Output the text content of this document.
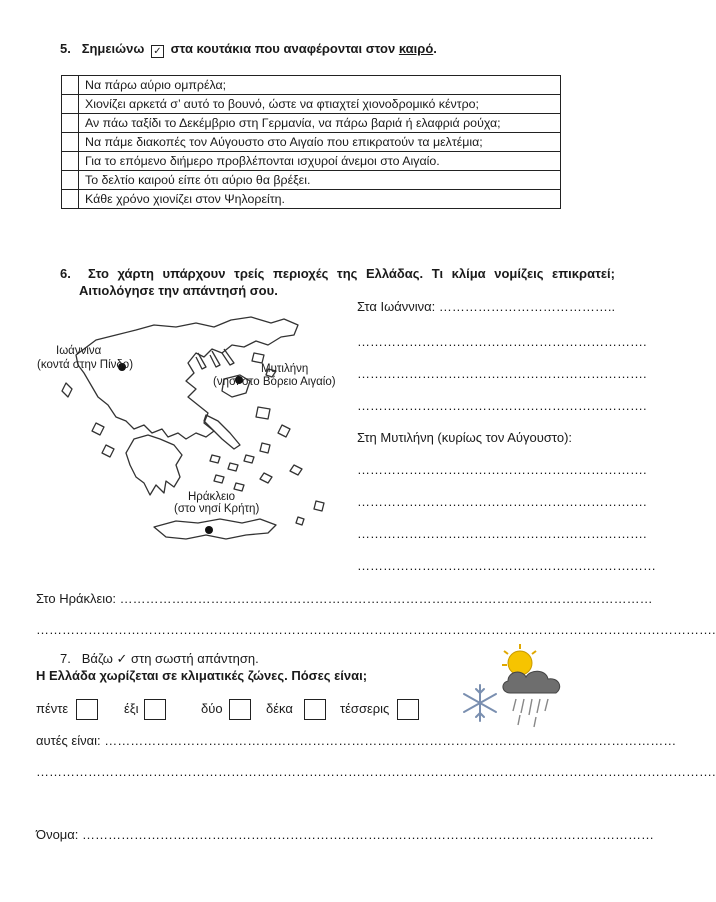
5. Σημειώνω ✓ στα κουτάκια που αναφέρονται στον καιρό.
	Να πάρω αύριο ομπρέλα;
	Χιονίζει αρκετά σ’ αυτό το βουνό, ώστε να φτιαχτεί χιονοδρομικό κέντρο;
	Αν πάω ταξίδι το Δεκέμβριο στη Γερμανία, να πάρω βαριά ή ελαφριά ρούχα;
	Να πάμε διακοπές τον Αύγουστο στο Αιγαίο που επικρατούν τα μελτέμια;
	Για το επόμενο διήμερο προβλέπονται ισχυροί άνεμοι στο Αιγαίο.
	Το δελτίο καιρού είπε ότι αύριο θα βρέξει.
	Κάθε χρόνο χιονίζει στον Ψηλορείτη.
6. Στο χάρτη υπάρχουν τρείς περιοχές της Ελλάδας. Τι κλίμα νομίζεις επικρατεί;
Αιτιολόγησε την απάντησή σου.
Ιωάννινα
(κοντά στην Πίνδο)	Μυτιλήνη
(νησί στο Βόρειο Αιγαίο)
Ηράκλειο
(στο νησί Κρήτη)
Στα Ιωάννινα: …………………………………..
………………………………………………………….
………………………………………………………….
………………………………………………………….
Στη Μυτιλήνη (κυρίως τον Αύγουστο):
………………………………………………………….
………………………………………………………….
………………………………………………………….
……………………………………………………………
Στο Ηράκλειο: ……………………………………………………………………………………………………………
………………………………………………………………………………………………………………………………………….
7. Βάζω ✓ στη σωστή απάντηση.
Η Ελλάδα χωρίζεται σε κλιματικές ζώνες. Πόσες είναι;
πέντε	έξι	δύο	δέκα	τέσσερις
αυτές είναι: ……………………………………………………………………………………………………………………
………………………………………………………………………………………………………………………………………….
Όνομα: ……………………………………………………………………………………………………………………
